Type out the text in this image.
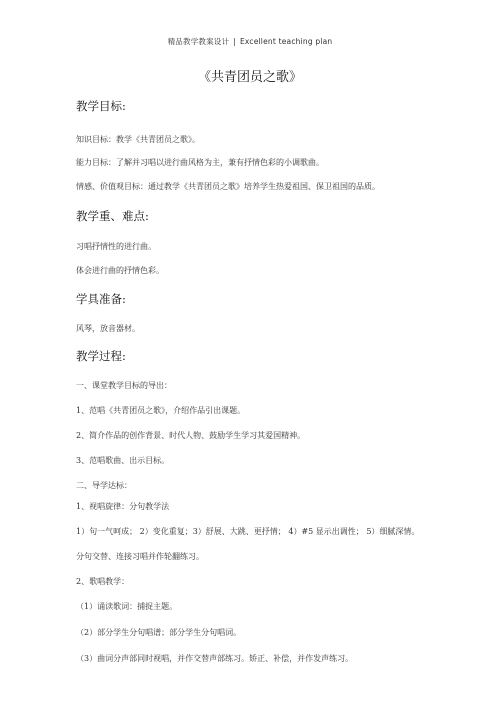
精品教学教案设计 | Excellent teaching plan
《共青团员之歌》
教学目标:
知识目标：教学《共青团员之歌》。
能力目标：了解并习唱以进行曲风格为主，兼有抒情色彩的小调歌曲。
情感、价值观目标：通过教学《共青团员之歌》培养学生热爱祖国、保卫祖国的品质。
教学重、难点:
习唱抒情性的进行曲。
体会进行曲的抒情色彩。
学具准备:
风琴，放音器材。
教学过程:
一、课堂教学目标的导出：
1、范唱《共青团员之歌》，介绍作品引出课题。
2、简介作品的创作背景、时代人物、鼓励学生学习其爱国精神。
3、范唱歌曲、出示目标。
二、导学达标：
1、视唱旋律：分句教学法
1）句一气呵成； 2）变化重复；3）舒展、大跳、更抒情； 4）#5 显示出调性； 5）细腻深情。
分句交替、连接习唱并作轮翻练习。
2、歌唱教学：
（1）诵读歌词：捕捉主题。
（2）部分学生分句唱谱；部分学生分句唱词。
（3）曲词分声部同时视唱，并作交替声部练习。矫正、补偿，并作发声练习。
